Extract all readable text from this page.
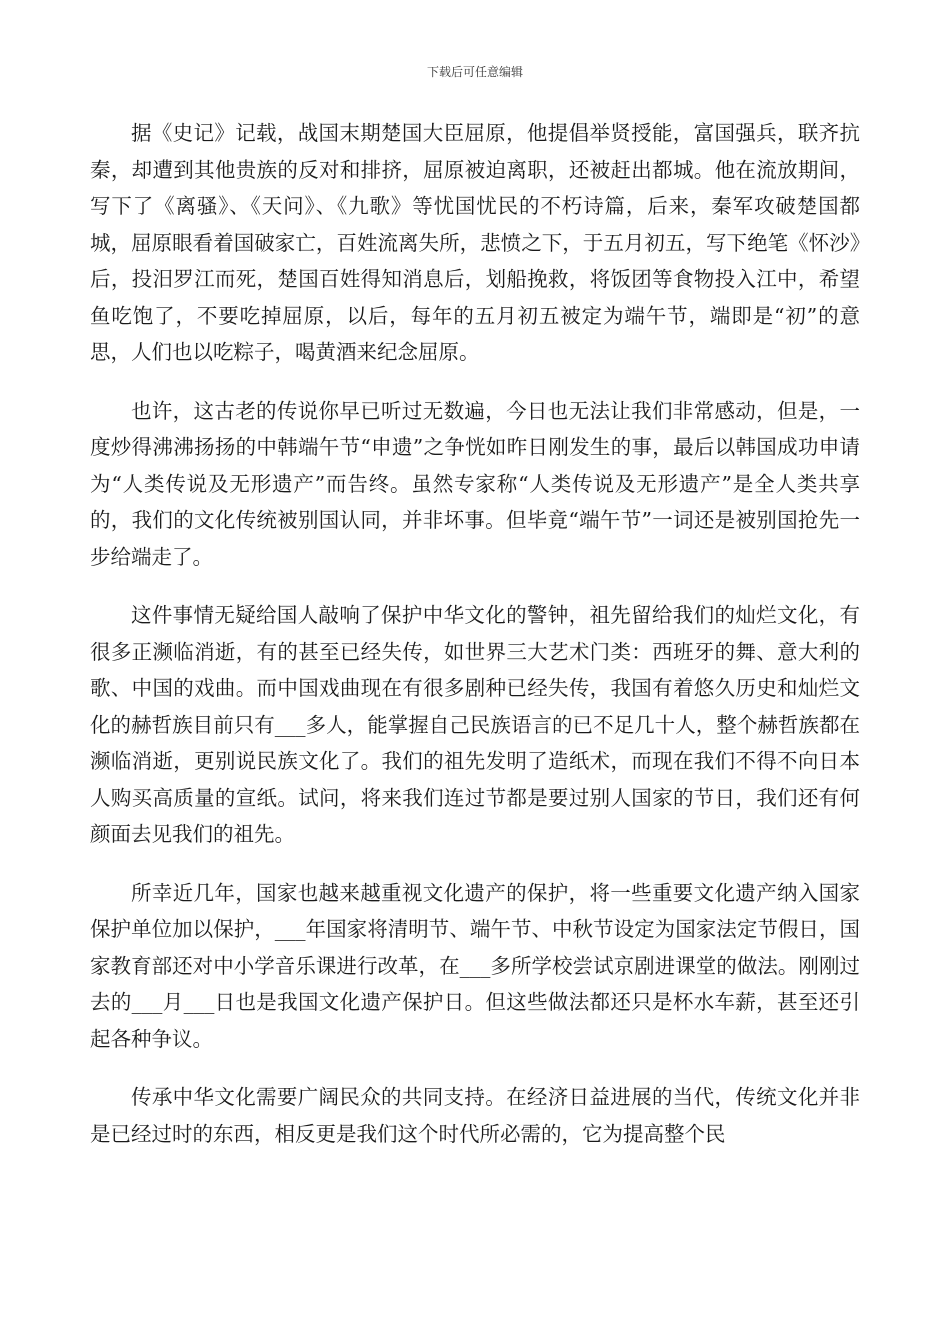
下载后可任意编辑

据《史记》记载，战国末期楚国大臣屈原，他提倡举贤授能，富国强兵，联齐抗秦，却遭到其他贵族的反对和排挤，屈原被迫离职，还被赶出都城。他在流放期间，写下了《离骚》、《天问》、《九歌》等忧国忧民的不朽诗篇，后来，秦军攻破楚国都城，屈原眼看着国破家亡，百姓流离失所，悲愤之下，于五月初五，写下绝笔《怀沙》后，投汨罗江而死，楚国百姓得知消息后，划船挽救，将饭团等食物投入江中，希望鱼吃饱了，不要吃掉屈原，以后，每年的五月初五被定为端午节，端即是“初”的意思，人们也以吃粽子，喝黄酒来纪念屈原。

也许，这古老的传说你早已听过无数遍，今日也无法让我们非常感动，但是，一度炒得沸沸扬扬的中韩端午节“申遗”之争恍如昨日刚发生的事，最后以韩国成功申请为“人类传说及无形遗产”而告终。虽然专家称“人类传说及无形遗产”是全人类共享的，我们的文化传统被别国认同，并非坏事。但毕竟“端午节”一词还是被别国抢先一步给端走了。

这件事情无疑给国人敲响了保护中华文化的警钟，祖先留给我们的灿烂文化，有很多正濒临消逝，有的甚至已经失传，如世界三大艺术门类：西班牙的舞、意大利的歌、中国的戏曲。而中国戏曲现在有很多剧种已经失传，我国有着悠久历史和灿烂文化的赫哲族目前只有___多人，能掌握自己民族语言的已不足几十人，整个赫哲族都在濒临消逝，更别说民族文化了。我们的祖先发明了造纸术，而现在我们不得不向日本人购买高质量的宣纸。试问，将来我们连过节都是要过别人国家的节日，我们还有何颜面去见我们的祖先。

所幸近几年，国家也越来越重视文化遗产的保护，将一些重要文化遗产纳入国家保护单位加以保护，___年国家将清明节、端午节、中秋节设定为国家法定节假日，国家教育部还对中小学音乐课进行改革，在___多所学校尝试京剧进课堂的做法。刚刚过去的___月___日也是我国文化遗产保护日。但这些做法都还只是杯水车薪，甚至还引起各种争议。

传承中华文化需要广阔民众的共同支持。在经济日益进展的当代，传统文化并非是已经过时的东西，相反更是我们这个时代所必需的，它为提高整个民
